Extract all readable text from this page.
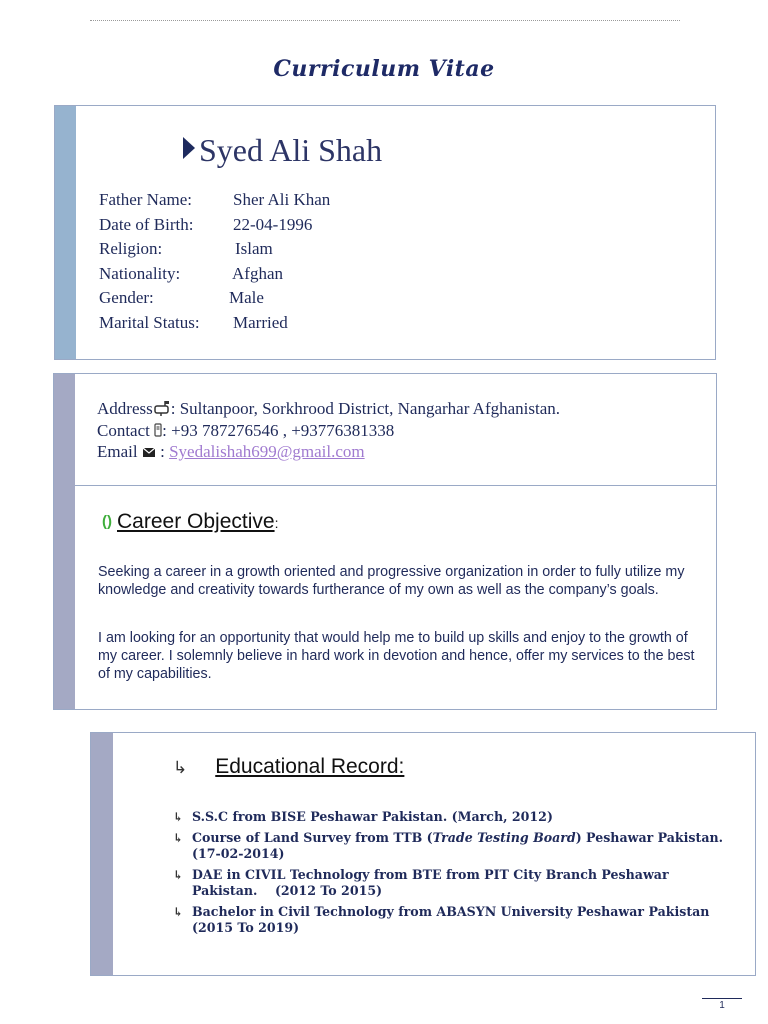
Curriculum Vitae
Syed Ali Shah
Father Name: Sher Ali Khan
Date of Birth: 22-04-1996
Religion:	Islam
Nationality:	Afghan
Gender:	Male
Marital Status: Married
Address : Sultanpoor, Sorkhrood District, Nangarhar Afghanistan.
Contact : +93 787276546 , +93776381338
Email  : Syedalishah699@gmail.com
() Career Objective:
Seeking a career in a growth oriented and progressive organization in order to fully utilize my knowledge and creativity towards furtherance of my own as well as the company’s goals.
I am looking for an opportunity that would help me to build up skills and enjoy to the growth of my career. I solemnly believe in hard work in devotion and hence, offer my services to the best of my capabilities.
↳ Educational Record:
↳ S.S.C from BISE Peshawar Pakistan. (March, 2012)
↳ Course of Land Survey from TTB (Trade Testing Board) Peshawar Pakistan. (17-02-2014)
↳ DAE in CIVIL Technology from BTE from PIT City Branch Peshawar Pakistan.    (2012 To 2015)
↳ Bachelor in Civil Technology from ABASYN University Peshawar Pakistan (2015 To 2019)
1
